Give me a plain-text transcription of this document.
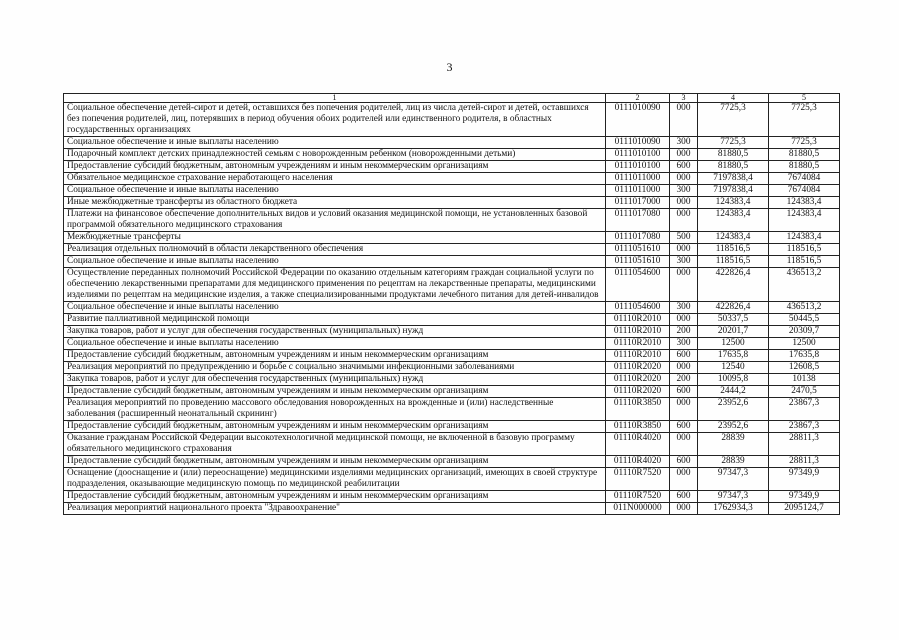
3
1	2	3	4	5
Социальное обеспечение детей-сирот и детей, оставшихся без попечения родителей, лиц из числа детей-сирот и детей, оставшихся без попечения родителей, лиц, потерявших в период обучения обоих родителей или единственного родителя, в областных государственных организациях	0111010090	000	7725,3	7725,3
Социальное обеспечение и иные выплаты населению	0111010090	300	7725,3	7725,3
Подарочный комплект детских принадлежностей семьям с новорожденным ребенком (новорожденными детьми)	0111010100	000	81880,5	81880,5
Предоставление субсидий бюджетным, автономным учреждениям и иным некоммерческим организациям	0111010100	600	81880,5	81880,5
Обязательное медицинское страхование неработающего населения	0111011000	000	7197838,4	7674084
Социальное обеспечение и иные выплаты населению	0111011000	300	7197838,4	7674084
Иные межбюджетные трансферты из областного бюджета	0111017000	000	124383,4	124383,4
Платежи на финансовое обеспечение дополнительных видов и условий оказания медицинской помощи, не установленных базовой программой обязательного медицинского страхования	0111017080	000	124383,4	124383,4
Межбюджетные трансферты	0111017080	500	124383,4	124383,4
Реализация отдельных полномочий в области лекарственного обеспечения	0111051610	000	118516,5	118516,5
Социальное обеспечение и иные выплаты населению	0111051610	300	118516,5	118516,5
Осуществление переданных полномочий Российской Федерации по оказанию отдельным категориям граждан социальной услуги по обеспечению лекарственными препаратами для медицинского применения по рецептам на лекарственные препараты, медицинскими изделиями по рецептам на медицинские изделия, а также специализированными продуктами лечебного питания для детей-инвалидов	0111054600	000	422826,4	436513,2
Социальное обеспечение и иные выплаты населению	0111054600	300	422826,4	436513,2
Развитие паллиативной медицинской помощи	01110R2010	000	50337,5	50445,5
Закупка товаров, работ и услуг для обеспечения государственных (муниципальных) нужд	01110R2010	200	20201,7	20309,7
Социальное обеспечение и иные выплаты населению	01110R2010	300	12500	12500
Предоставление субсидий бюджетным, автономным учреждениям и иным некоммерческим организациям	01110R2010	600	17635,8	17635,8
Реализация мероприятий по предупреждению и борьбе с социально значимыми инфекционными заболеваниями	01110R2020	000	12540	12608,5
Закупка товаров, работ и услуг для обеспечения государственных (муниципальных) нужд	01110R2020	200	10095,8	10138
Предоставление субсидий бюджетным, автономным учреждениям и иным некоммерческим организациям	01110R2020	600	2444,2	2470,5
Реализация мероприятий по проведению массового обследования новорожденных на врожденные и (или) наследственные заболевания (расширенный неонатальный скрининг)	01110R3850	000	23952,6	23867,3
Предоставление субсидий бюджетным, автономным учреждениям и иным некоммерческим организациям	01110R3850	600	23952,6	23867,3
Оказание гражданам Российской Федерации высокотехнологичной медицинской помощи, не включенной в базовую программу обязательного медицинского страхования	01110R4020	000	28839	28811,3
Предоставление субсидий бюджетным, автономным учреждениям и иным некоммерческим организациям	01110R4020	600	28839	28811,3
Оснащение (дооснащение и (или) переоснащение) медицинскими изделиями медицинских организаций, имеющих в своей структуре подразделения, оказывающие медицинскую помощь по медицинской реабилитации	01110R7520	000	97347,3	97349,9
Предоставление субсидий бюджетным, автономным учреждениям и иным некоммерческим организациям	01110R7520	600	97347,3	97349,9
Реализация мероприятий национального проекта "Здравоохранение"	011N000000	000	1762934,3	2095124,7
